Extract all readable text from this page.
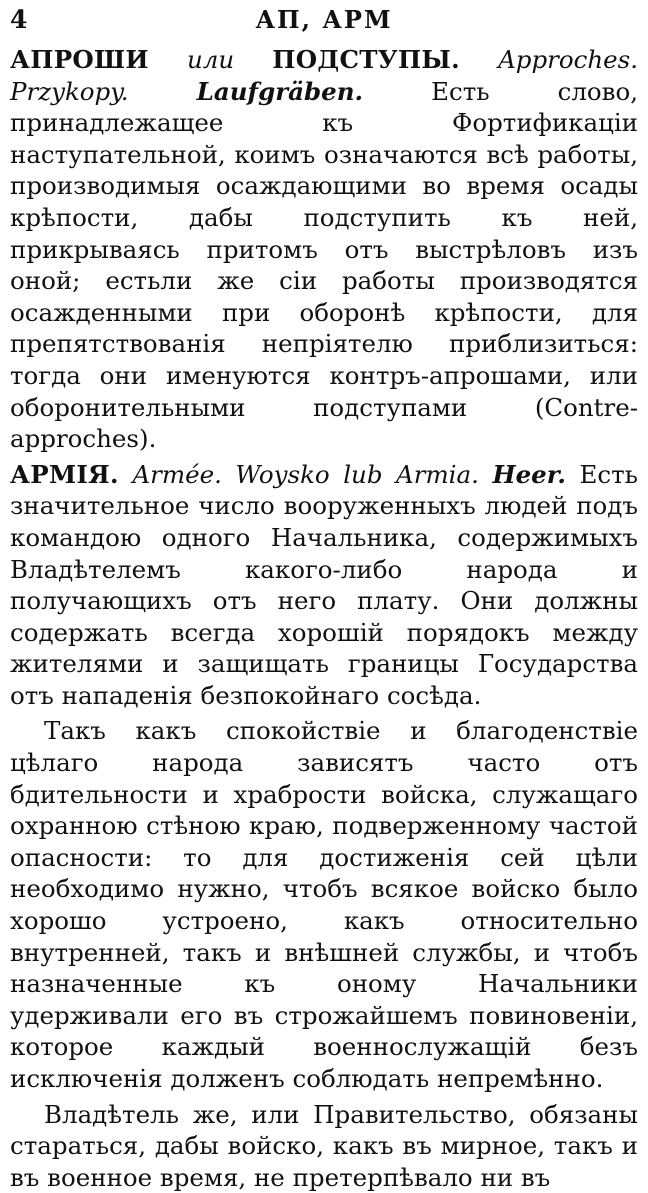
4	АП, АРМ

АПРОШИ или ПОДСТУПЫ. Approches. Przykopy.	Laufgräben.	Есть слово, принадлежащее къ Фортификаціи наступательной, коимъ означаются всѣ работы, производимыя осаждающими во время осады крѣпости, дабы подступить къ ней, прикрываясь притомъ отъ выстрѣловъ изъ оной; естьли же сіи работы производятся осажденными при оборонѣ крѣпости, для препятствованія непріятелю приблизиться: тогда они именуются контръ-апрошами, или оборонительными подступами (Contre-approches).

АРМІЯ. Armée. Woysko lub Armia. Heer. Есть значительное число вооруженныхъ людей подъ командою одного Начальника, содержимыхъ Владѣтелемъ какого-либо народа и получающихъ отъ него плату. Они должны содержать всегда хорошій порядокъ между жителями и защищать границы Государства отъ нападенія безпокойнаго сосѣда.

Такъ какъ спокойствіе и благоденствіе цѣлаго народа зависятъ часто отъ бдительности и храбрости войска, служащаго охранною стѣною краю, подверженному частой опасности: то для достиженія сей цѣли необходимо нужно, чтобъ всякое войско было хорошо устроено, какъ относительно внутренней, такъ и внѣшней службы, и чтобъ назначенные къ оному Начальники удерживали его въ строжайшемъ повиновеніи, которое каждый военнослужащій безъ исключенія долженъ соблюдать непремѣнно.

Владѣтель же, или Правительство, обязаны стараться, дабы войско, какъ въ мирное, такъ и въ военное время, не претерпѣвало ни въ
